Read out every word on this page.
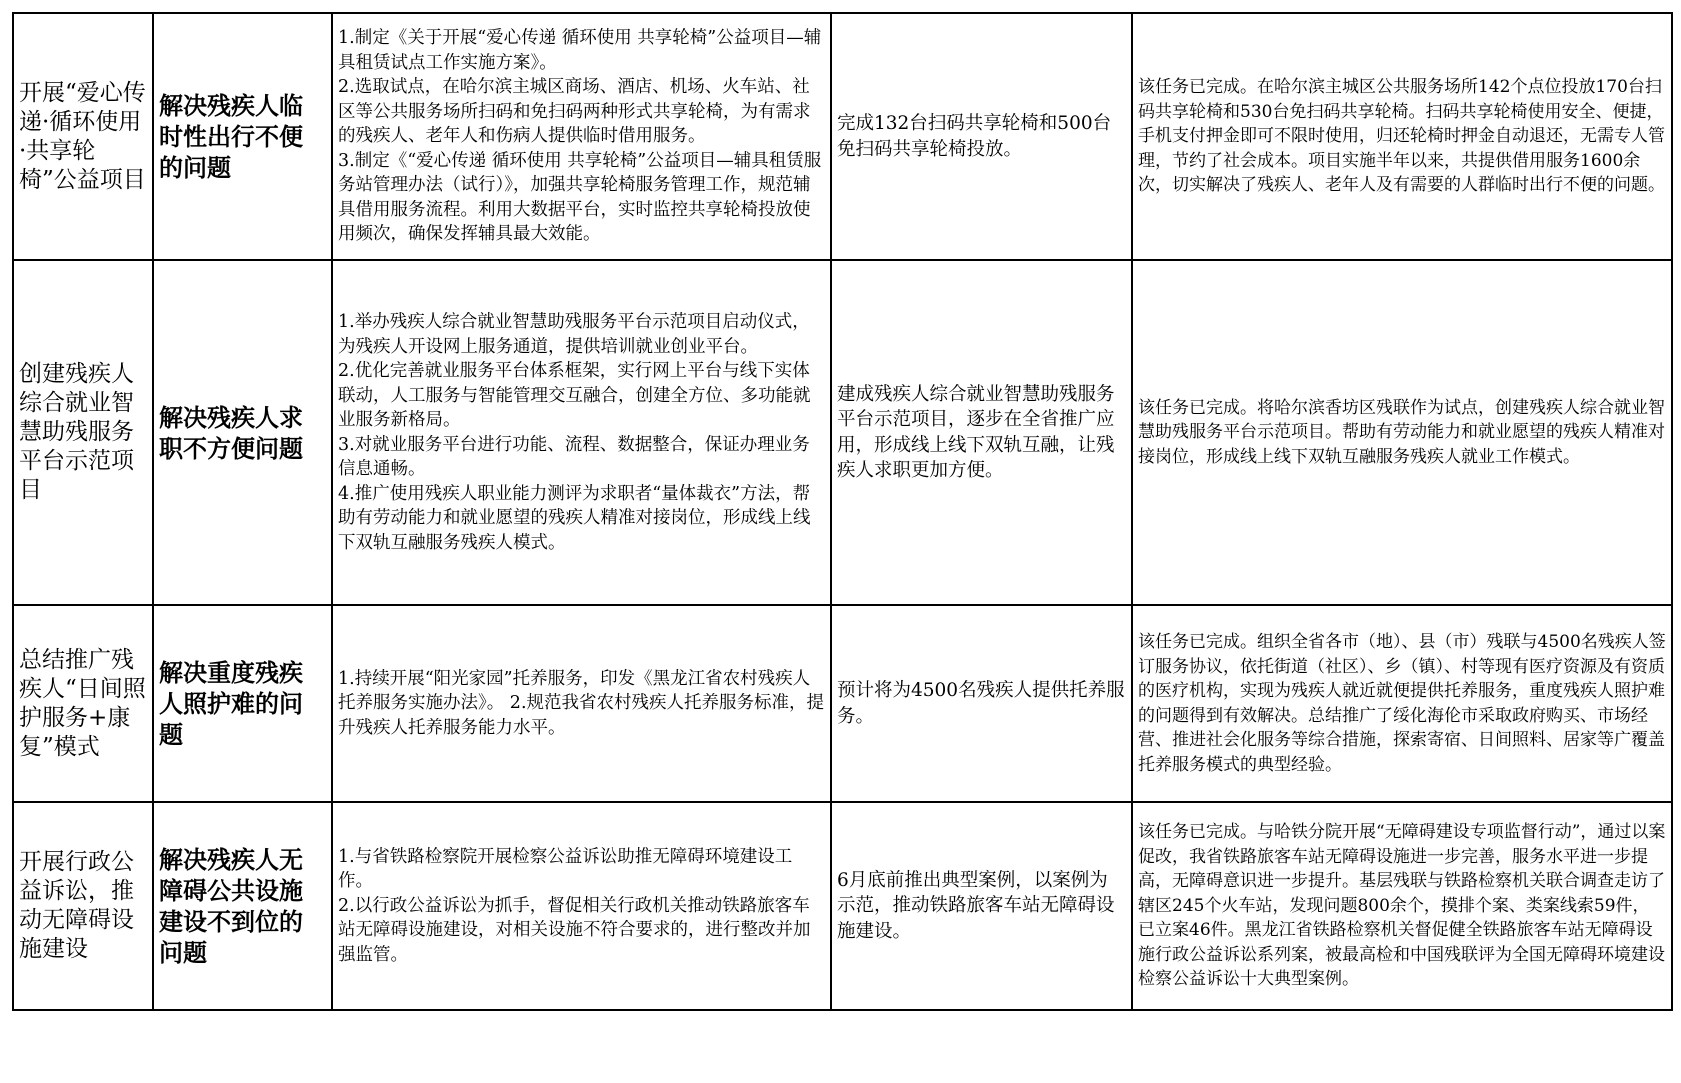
开展“爱心传递·循环使用·共享轮椅”公益项目	解决残疾人临时性出行不便的问题	1.制定《关于开展“爱心传递 循环使用 共享轮椅”公益项目—辅具租赁试点工作实施方案》。
2.选取试点，在哈尔滨主城区商场、酒店、机场、火车站、社区等公共服务场所扫码和免扫码两种形式共享轮椅，为有需求的残疾人、老年人和伤病人提供临时借用服务。
3.制定《“爱心传递 循环使用 共享轮椅”公益项目—辅具租赁服务站管理办法（试行）》，加强共享轮椅服务管理工作，规范辅具借用服务流程。利用大数据平台，实时监控共享轮椅投放使用频次，确保发挥辅具最大效能。	完成132台扫码共享轮椅和500台免扫码共享轮椅投放。	该任务已完成。在哈尔滨主城区公共服务场所142个点位投放170台扫码共享轮椅和530台免扫码共享轮椅。扫码共享轮椅使用安全、便捷，手机支付押金即可不限时使用，归还轮椅时押金自动退还，无需专人管理，节约了社会成本。项目实施半年以来，共提供借用服务1600余次，切实解决了残疾人、老年人及有需要的人群临时出行不便的问题。

创建残疾人综合就业智慧助残服务平台示范项目	解决残疾人求职不方便问题	1.举办残疾人综合就业智慧助残服务平台示范项目启动仪式，为残疾人开设网上服务通道，提供培训就业创业平台。
2.优化完善就业服务平台体系框架，实行网上平台与线下实体联动，人工服务与智能管理交互融合，创建全方位、多功能就业服务新格局。
3.对就业服务平台进行功能、流程、数据整合，保证办理业务信息通畅。
4.推广使用残疾人职业能力测评为求职者“量体裁衣”方法，帮助有劳动能力和就业愿望的残疾人精准对接岗位，形成线上线下双轨互融服务残疾人模式。	建成残疾人综合就业智慧助残服务平台示范项目，逐步在全省推广应用，形成线上线下双轨互融，让残疾人求职更加方便。	该任务已完成。将哈尔滨香坊区残联作为试点，创建残疾人综合就业智慧助残服务平台示范项目。帮助有劳动能力和就业愿望的残疾人精准对接岗位，形成线上线下双轨互融服务残疾人就业工作模式。

总结推广残疾人“日间照护服务+康复”模式	解决重度残疾人照护难的问题	1.持续开展“阳光家园”托养服务，印发《黑龙江省农村残疾人托养服务实施办法》。 2.规范我省农村残疾人托养服务标准，提升残疾人托养服务能力水平。	预计将为4500名残疾人提供托养服务。	该任务已完成。组织全省各市（地）、县（市）残联与4500名残疾人签订服务协议，依托街道（社区）、乡（镇）、村等现有医疗资源及有资质的医疗机构，实现为残疾人就近就便提供托养服务，重度残疾人照护难的问题得到有效解决。总结推广了绥化海伦市采取政府购买、市场经营、推进社会化服务等综合措施，探索寄宿、日间照料、居家等广覆盖托养服务模式的典型经验。

开展行政公益诉讼，推动无障碍设施建设	解决残疾人无障碍公共设施建设不到位的问题	1.与省铁路检察院开展检察公益诉讼助推无障碍环境建设工作。
2.以行政公益诉讼为抓手，督促相关行政机关推动铁路旅客车站无障碍设施建设，对相关设施不符合要求的，进行整改并加强监管。	6月底前推出典型案例，以案例为示范，推动铁路旅客车站无障碍设施建设。	该任务已完成。与哈铁分院开展“无障碍建设专项监督行动”，通过以案促改，我省铁路旅客车站无障碍设施进一步完善，服务水平进一步提高，无障碍意识进一步提升。基层残联与铁路检察机关联合调查走访了辖区245个火车站，发现问题800余个，摸排个案、类案线索59件，已立案46件。黑龙江省铁路检察机关督促健全铁路旅客车站无障碍设施行政公益诉讼系列案，被最高检和中国残联评为全国无障碍环境建设检察公益诉讼十大典型案例。
